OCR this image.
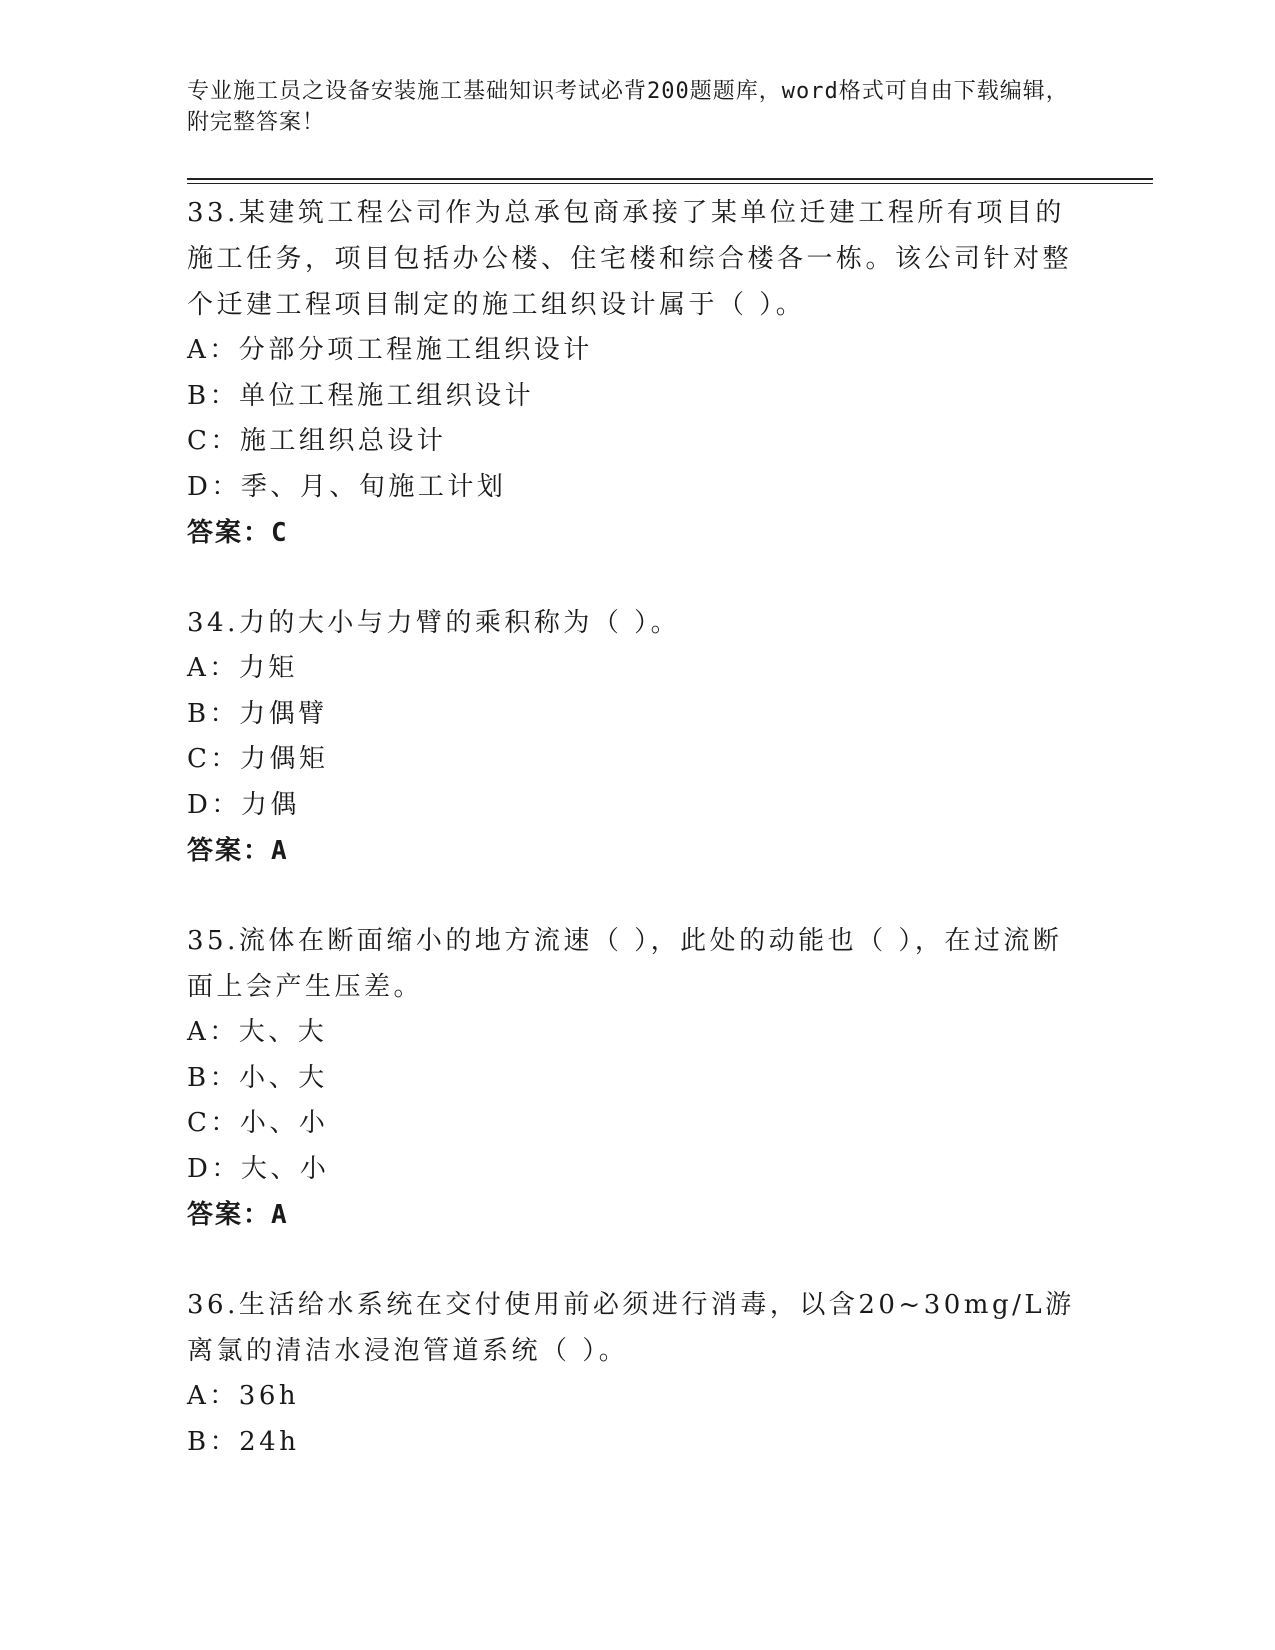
专业施工员之设备安装施工基础知识考试必背200题题库，word格式可自由下载编辑，附完整答案！
33.某建筑工程公司作为总承包商承接了某单位迁建工程所有项目的施工任务，项目包括办公楼、住宅楼和综合楼各一栋。该公司针对整个迁建工程项目制定的施工组织设计属于（ ）。
A：分部分项工程施工组织设计
B：单位工程施工组织设计
C：施工组织总设计
D：季、月、旬施工计划
答案：C
34.力的大小与力臂的乘积称为（ ）。
A：力矩
B：力偶臂
C：力偶矩
D：力偶
答案：A
35.流体在断面缩小的地方流速（ ），此处的动能也（ ），在过流断面上会产生压差。
A：大、大
B：小、大
C：小、小
D：大、小
答案：A
36.生活给水系统在交付使用前必须进行消毒，以含20~30mg/L游离氯的清洁水浸泡管道系统（ ）。
A：36h
B：24h
